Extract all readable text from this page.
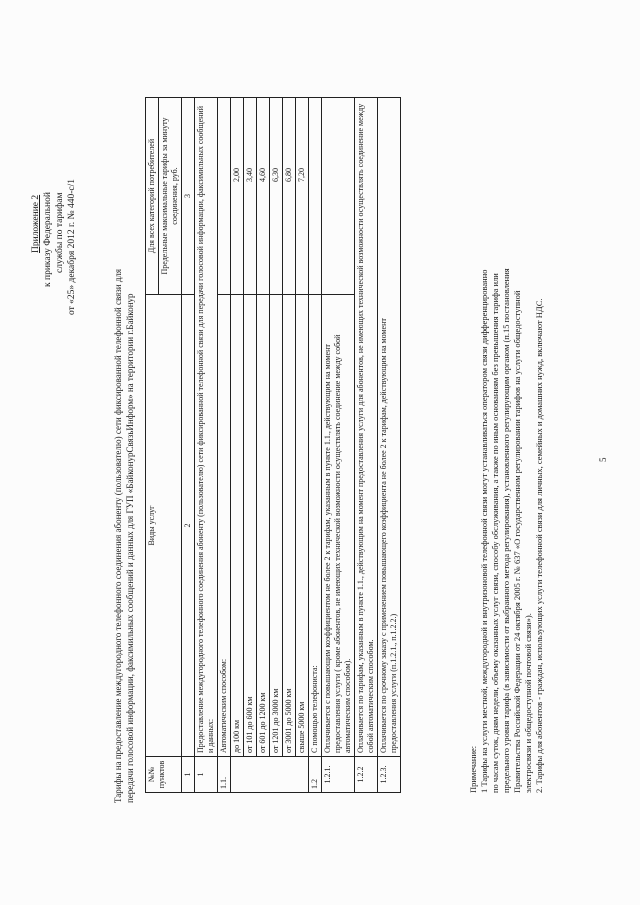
Приложение 2 к приказу Федеральной службы по тарифам от «25» декабря 2012 г. № 440-с/1
Тарифы на предоставление междугородного телефонного соединения абоненту (пользователю) сети фиксированной телефонной связи для передачи голосовой информации, факсимильных сообщений и данных для ГУП «БайконурСвязьИнформ» на территории г.Байконур №№ пунктов	Виды услуг	Для всех категорий потребителей
		Предельные максимальные тарифы за минуту соединения, руб.
1	2	3
1	Предоставление междугородного телефонного соединения абоненту (пользователю) сети фиксированной телефонной связи для передачи голосовой информации, факсимильных сообщений и данных:	
1.1.	Автоматическим способом:	
	до 100 км	2,00
	от 101 до 600 км	3,40
	от 601 до 1200 км	4,60
	от 1201 до 3000 км	6,30
	от 3001 до 5000 км	6,80
	свыше 5000 км	7,20
1.2	С помощью телефониста:	
1.2.1.	Оплачивается с повышающим коэффициентом не более 2 к тарифам, указанным в пункте 1.1., действующим на момент предоставления услуги ( кроме абонентов, не имеющих технической возможности осуществлять соединение между собой автоматическим способом).	
1.2.2	Оплачивается по тарифам, указанным в пункте 1.1., действующим на момент предоставления услуги для абонентов, не имеющих технической возможности осуществлять соединение между собой автоматическим способом.	
1.2.3.	Оплачивается по срочному заказу с применением повышающего коэффициента не более 2 к тарифам, действующим на момент предоставления услуги (п.1.2.1., п.1.2.2.)	
Примечание: 1 Тарифы на услуги местной, междугородной и внутризоновой телефонной связи могут устанавливаться оператором связи дифференцированно по часам суток, дням недели, объему оказанных услуг связи, способу обслуживания, а также по иным основаниям без превышения тарифа или предельного уровня тарифа (в зависимости от выбранного метода регулирования), установленного регулирующим органом (п.15 постановления Правительства Российской Федерации от 24 октября 2005 г. № 637 «О государственном регулировании тарифов на услуги общедоступной электросвязи и общедоступной почтовой связи»). 2. Тарифы для абонентов - граждан, использующих услуги телефонной связи для личных, семейных и домашних нужд, включают НДС.	5
